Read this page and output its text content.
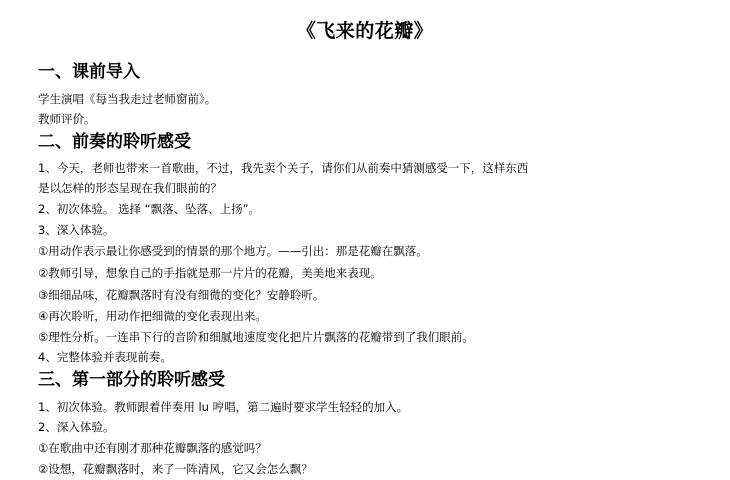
《飞来的花瓣》
一、课前导入
学生演唱《每当我走过老师窗前》。
教师评价。
二、前奏的聆听感受
1、今天，老师也带来一首歌曲，不过，我先卖个关子，请你们从前奏中猜测感受一下，这样东西
是以怎样的形态呈现在我们眼前的？
2、初次体验。 选择 “飘落、坠落、上扬”。
3、深入体验。
①用动作表示最让你感受到的情景的那个地方。——引出：那是花瓣在飘落。
②教师引导，想象自己的手指就是那一片片的花瓣，美美地来表现。
③细细品味，花瓣飘落时有没有细微的变化？安静聆听。
④再次聆听，用动作把细微的变化表现出来。
⑤理性分析。一连串下行的音阶和细腻地速度变化把片片飘落的花瓣带到了我们眼前。
4、完整体验并表现前奏。
三、第一部分的聆听感受
1、初次体验。教师跟着伴奏用 lu 哼唱，第二遍时要求学生轻轻的加入。
2、深入体验。
①在歌曲中还有刚才那种花瓣飘落的感觉吗？
②设想，花瓣飘落时，来了一阵清风，它又会怎么飘？
